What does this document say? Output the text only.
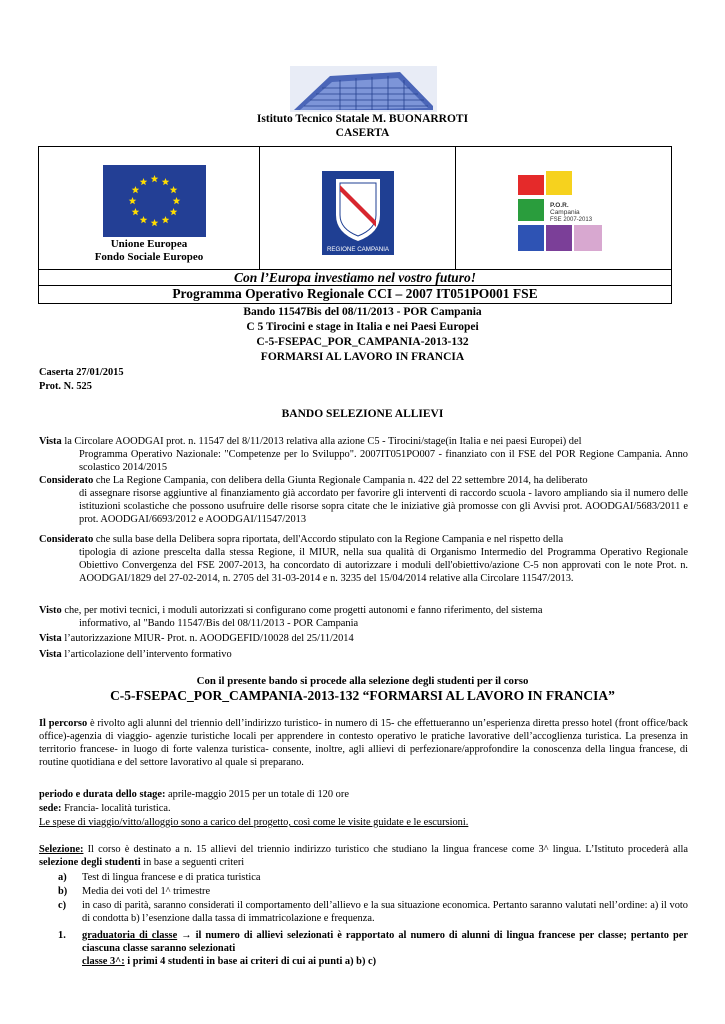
Istituto Tecnico Statale M. BUONARROTI
CASERTA
Unione Europea
Fondo Sociale Europeo
REGIONE CAMPANIA
P.O.R.
Campania
FSE 2007-2013
Con l’Europa investiamo nel vostro futuro!
Programma Operativo Regionale CCI – 2007 IT051PO001 FSE
Bando 11547Bis del 08/11/2013 - POR Campania
C 5 Tirocini e stage in Italia e nei Paesi Europei
C-5-FSEPAC_POR_CAMPANIA-2013-132
FORMARSI AL LAVORO IN FRANCIA
Caserta 27/01/2015
Prot. N. 525
BANDO SELEZIONE ALLIEVI
Vista la Circolare AOODGAI prot. n. 11547 del 8/11/2013 relativa alla azione C5 - Tirocini/stage(in Italia e nei paesi Europei) del
Programma Operativo Nazionale: "Competenze per lo Sviluppo". 2007IT051PO007 - finanziato con il FSE del POR Regione Campania. Anno scolastico 2014/2015
Considerato che La Regione Campania, con delibera della Giunta Regionale Campania n. 422 del 22 settembre 2014, ha deliberato
di assegnare risorse aggiuntive al finanziamento già accordato per favorire gli interventi di raccordo scuola - lavoro ampliando sia il numero delle istituzioni scolastiche che possono usufruire delle risorse sopra citate che le iniziative già promosse con gli Avvisi prot. AOODGAI/5683/2011 e prot. AOODGAI/6693/2012 e AOODGAI/11547/2013
Considerato che sulla base della Delibera sopra riportata, dell'Accordo stipulato con la Regione Campania e nel rispetto della
tipologia di azione prescelta dalla stessa Regione, il MIUR, nella sua qualità di Organismo Intermedio del Programma Operativo Regionale Obiettivo Convergenza del FSE 2007-2013, ha concordato di autorizzare i moduli dell'obiettivo/azione C-5 non approvati con le note Prot. n. AOODGAI/1829 del 27-02-2014, n. 2705 del 31-03-2014 e n. 3235 del 15/04/2014 relative alla Circolare 11547/2013.
Visto che, per motivi tecnici, i moduli autorizzati si configurano come progetti autonomi e fanno riferimento, del sistema
informativo, al "Bando 11547/Bis del 08/11/2013 - POR Campania
Vista l’autorizzazione MIUR- Prot. n. AOODGEFID/10028 del 25/11/2014
Vista l’articolazione dell’intervento formativo
Con il presente bando si procede alla selezione degli studenti per il corso
C-5-FSEPAC_POR_CAMPANIA-2013-132 “FORMARSI AL LAVORO IN FRANCIA”
Il percorso è rivolto agli alunni del triennio dell’indirizzo turistico- in numero di 15- che effettueranno un’esperienza diretta presso hotel (front office/back office)-agenzia di viaggio- agenzie turistiche locali per apprendere in contesto operativo le pratiche lavorative dell’accoglienza turistica. La presenza in territorio francese- in luogo di forte valenza turistica- consente, inoltre, agli allievi di perfezionare/approfondire la conoscenza della lingua francese, di routine quotidiana e del settore lavorativo al quale si preparano.
periodo e durata dello stage: aprile-maggio 2015 per un totale di 120 ore
sede: Francia- località turistica.
Le spese di viaggio/vitto/alloggio sono a carico del progetto, così come le visite guidate e le escursioni.
Selezione: Il corso è destinato a n. 15 allievi del triennio indirizzo turistico che studiano la lingua francese come 3^ lingua. L’Istituto procederà alla selezione degli studenti in base a seguenti criteri
a) Test di lingua francese e di pratica turistica
b) Media dei voti del 1^ trimestre
c)	in caso di parità, saranno considerati il comportamento dell’allievo e la sua situazione economica. Pertanto saranno valutati nell’ordine: a) il voto di condotta b) l’esenzione dalla tassa di immatricolazione e frequenza.
1.	graduatoria di classe → il numero di allievi selezionati è rapportato al numero di alunni di lingua francese per classe; pertanto per ciascuna classe saranno selezionati
classe 3^: i primi 4 studenti in base ai criteri di cui ai punti a) b) c)
